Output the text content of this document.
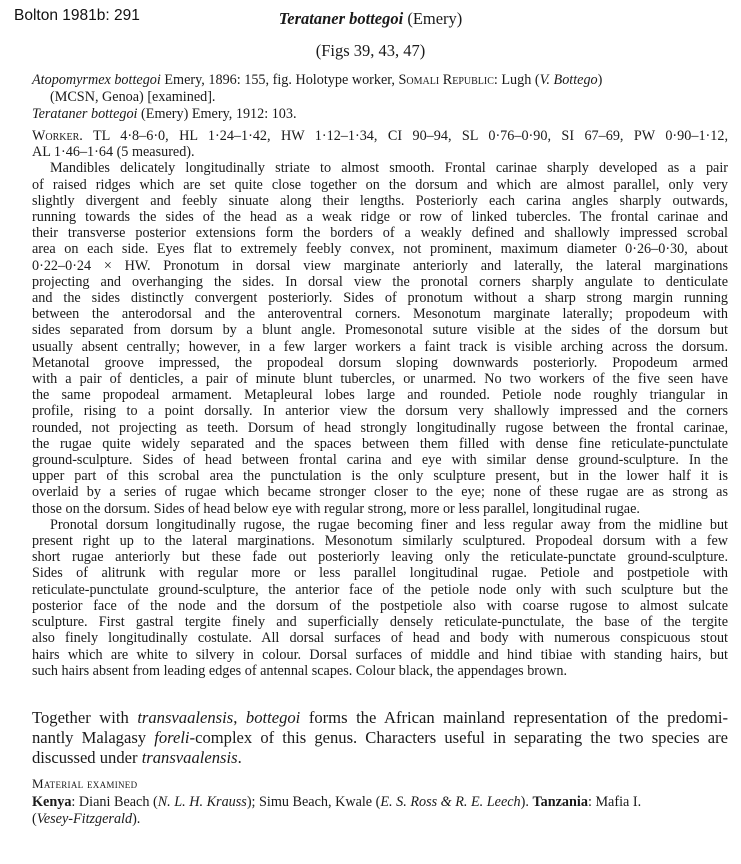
Bolton 1981b: 291	Terataner bottegoi (Emery)
(Figs 39, 43, 47)
Atopomyrmex bottegoi Emery, 1896: 155, fig. Holotype worker, Somali Republic: Lugh (V. Bottego)
(MCSN, Genoa) [examined].
Terataner bottegoi (Emery) Emery, 1912: 103.
Worker. TL 4·8–6·0, HL 1·24–1·42, HW 1·12–1·34, CI 90–94, SL 0·76–0·90, SI 67–69, PW 0·90–1·12,
AL 1·46–1·64 (5 measured).
Mandibles delicately longitudinally striate to almost smooth. Frontal carinae sharply developed as a pair
of raised ridges which are set quite close together on the dorsum and which are almost parallel, only very
slightly divergent and feebly sinuate along their lengths. Posteriorly each carina angles sharply outwards,
running towards the sides of the head as a weak ridge or row of linked tubercles. The frontal carinae and
their transverse posterior extensions form the borders of a weakly defined and shallowly impressed scrobal
area on each side. Eyes flat to extremely feebly convex, not prominent, maximum diameter 0·26–0·30, about
0·22–0·24 × HW. Pronotum in dorsal view marginate anteriorly and laterally, the lateral marginations
projecting and overhanging the sides. In dorsal view the pronotal corners sharply angulate to denticulate
and the sides distinctly convergent posteriorly. Sides of pronotum without a sharp strong margin running
between the anterodorsal and the anteroventral corners. Mesonotum marginate laterally; propodeum with
sides separated from dorsum by a blunt angle. Promesonotal suture visible at the sides of the dorsum but
usually absent centrally; however, in a few larger workers a faint track is visible arching across the dorsum.
Metanotal groove impressed, the propodeal dorsum sloping downwards posteriorly. Propodeum armed
with a pair of denticles, a pair of minute blunt tubercles, or unarmed. No two workers of the five seen have
the same propodeal armament. Metapleural lobes large and rounded. Petiole node roughly triangular in
profile, rising to a point dorsally. In anterior view the dorsum very shallowly impressed and the corners
rounded, not projecting as teeth. Dorsum of head strongly longitudinally rugose between the frontal carinae,
the rugae quite widely separated and the spaces between them filled with dense fine reticulate-punctulate
ground-sculpture. Sides of head between frontal carina and eye with similar dense ground-sculpture. In the
upper part of this scrobal area the punctulation is the only sculpture present, but in the lower half it is
overlaid by a series of rugae which became stronger closer to the eye; none of these rugae are as strong as
those on the dorsum. Sides of head below eye with regular strong, more or less parallel, longitudinal rugae.
Pronotal dorsum longitudinally rugose, the rugae becoming finer and less regular away from the midline but
present right up to the lateral marginations. Mesonotum similarly sculptured. Propodeal dorsum with a few
short rugae anteriorly but these fade out posteriorly leaving only the reticulate-punctate ground-sculpture.
Sides of alitrunk with regular more or less parallel longitudinal rugae. Petiole and postpetiole with
reticulate-punctulate ground-sculpture, the anterior face of the petiole node only with such sculpture but the
posterior face of the node and the dorsum of the postpetiole also with coarse rugose to almost sulcate
sculpture. First gastral tergite finely and superficially densely reticulate-punctulate, the base of the tergite
also finely longitudinally costulate. All dorsal surfaces of head and body with numerous conspicuous stout
hairs which are white to silvery in colour. Dorsal surfaces of middle and hind tibiae with standing hairs, but
such hairs absent from leading edges of antennal scapes. Colour black, the appendages brown.
Together with transvaalensis, bottegoi forms the African mainland representation of the predomi-
nantly Malagasy foreli-complex of this genus. Characters useful in separating the two species are
discussed under transvaalensis.
Material examined
Kenya: Diani Beach (N. L. H. Krauss); Simu Beach, Kwale (E. S. Ross & R. E. Leech). Tanzania: Mafia I.
(Vesey-Fitzgerald).
